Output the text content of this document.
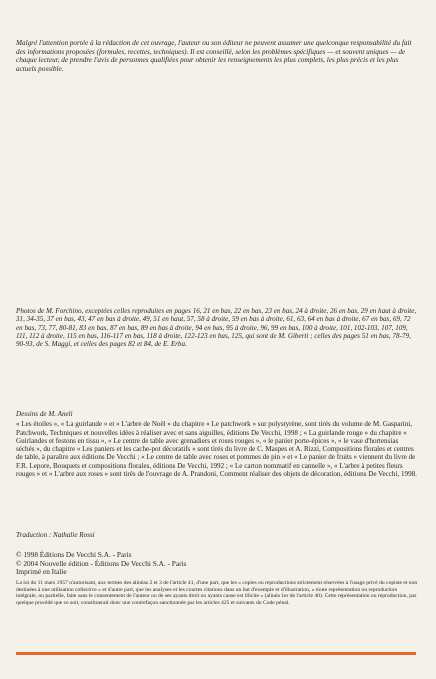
Malgré l'attention portée à la rédaction de cet ouvrage, l'auteur ou son éditeur ne peuvent assumer une quelconque responsabilité du fait des informations proposées (formules, recettes, techniques). Il est conseillé, selon les problèmes spécifiques — et souvent uniques — de chaque lecteur, de prendre l'avis de personnes qualifiées pour obtenir les renseignements les plus complets, les plus précis et les plus actuels possible.

Photos de M. Forchino, exceptées celles reproduites en pages 16, 21 en bas, 22 en bas, 23 en bas, 24 à droite, 26 en bas, 29 en haut à droite, 31, 34-35, 37 en bas, 43, 47 en bas à droite, 49, 51 en haut, 57, 58 à droite, 59 en bas à droite, 61, 63, 64 en bas à droite, 67 en bas, 69, 72 en bas, 73, 77, 80-81, 83 en bas, 87 en bas, 89 en bas à droite, 94 en bas, 95 à droite, 96, 99 en bas, 100 à droite, 101, 102-103, 107, 109, 111, 112 à droite, 115 en bas, 116-117 en bas, 118 à droite, 122-123 en bas, 125, qui sont de M. Giberti ; celles des pages 51 en bas, 78-79, 90-93, de S. Maggi, et celles des pages 82 et 84, de E. Erba.

Dessins de M. Aneli

« Les étoiles », « La guirlande » et « L'arbre de Noël » du chapitre « Le patchwork » sur polystyrène, sont tirés du volume de M. Gasparini, Patchwork, Techniques et nouvelles idées à réaliser avec et sans aiguilles, éditions De Vecchi, 1998 ; « La guirlande rouge » du chapitre « Guirlandes et festons en tissu », « Le centre de table avec grenadiers et roses rouges », « le panier porte-épices », « le vase d'hortensias séchés », du chapitre « Les paniers et les cache-pot décoratifs » sont tirés du livre de C. Maspes et A. Rizzi, Compositions florales et centres de table, à paraître aux éditions De Vecchi ; « Le centre de table avec roses et pommes de pin » et « Le panier de fruits » viennent du livre de F.R. Lepore, Bouquets et compositions florales, éditions De Vecchi, 1992 ; « Le carton nommatif en cannelle », « L'arbre à petites fleurs rouges » et « L'arbre aux roses » sont tirés de l'ouvrage de A. Prandoni, Comment réaliser des objets de décoration, éditions De Vecchi, 1998.

Traduction : Nathalie Rossi

© 1998 Éditions De Vecchi S.A. - Paris

© 2004 Nouvelle édition - Éditions De Vecchi S.A. - Paris

Imprimé en Italie

La loi du 11 mars 1957 n'autorisant, aux termes des alinéas 2 et 3 de l'article 41, d'une part, que les « copies ou reproductions strictement réservées à l'usage privé du copiste et non destinées à une utilisation collective » et d'autre part, que les analyses et les courtes citations dans un but d'exemple et d'illustration, « toute représentation ou reproduction intégrale, ou partielle, faite sans le consentement de l'auteur ou de ses ayants droit ou ayants cause est illicite » (alinéa 1er de l'article 40). Cette représentation ou reproduction, par quelque procédé que ce soit, constituerait donc une contrefaçon sanctionnée par les articles 425 et suivants du Code pénal.
